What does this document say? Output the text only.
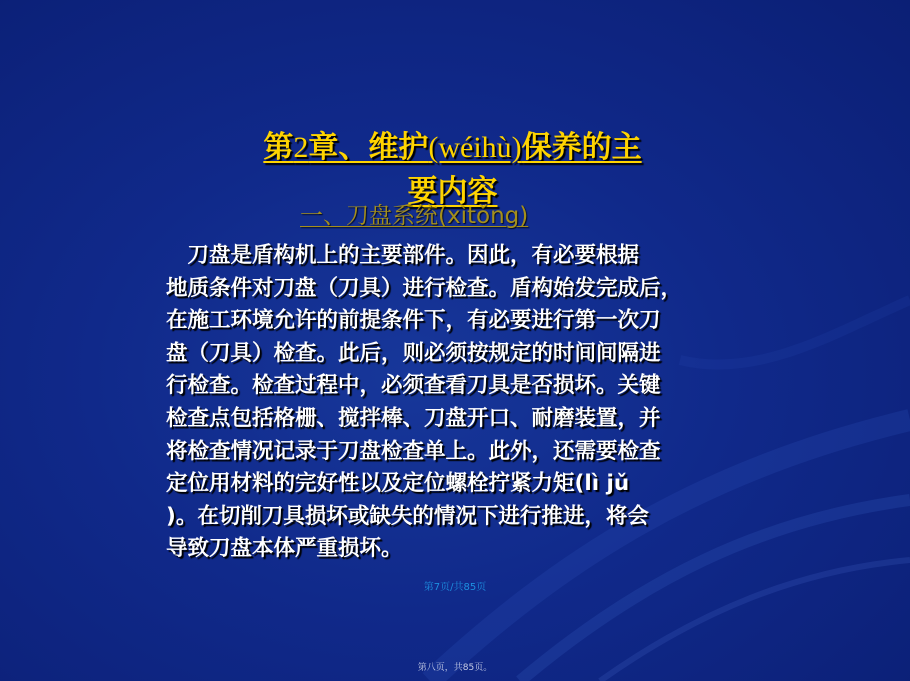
第2章、维护(wéihù)保养的主
要内容
一、刀盘系统(xìtǒng)
　刀盘是盾构机上的主要部件。因此，有必要根据
地质条件对刀盘（刀具）进行检查。盾构始发完成后，
在施工环境允许的前提条件下，有必要进行第一次刀
盘（刀具）检查。此后，则必须按规定的时间间隔进
行检查。检查过程中，必须查看刀具是否损坏。关键
检查点包括格栅、搅拌棒、刀盘开口、耐磨装置，并
将检查情况记录于刀盘检查单上。此外，还需要检查
定位用材料的完好性以及定位螺栓拧紧力矩(lì jǔ
)。在切削刀具损坏或缺失的情况下进行推进，将会
导致刀盘本体严重损坏。
第7页/共85页
第八页，共85页。
